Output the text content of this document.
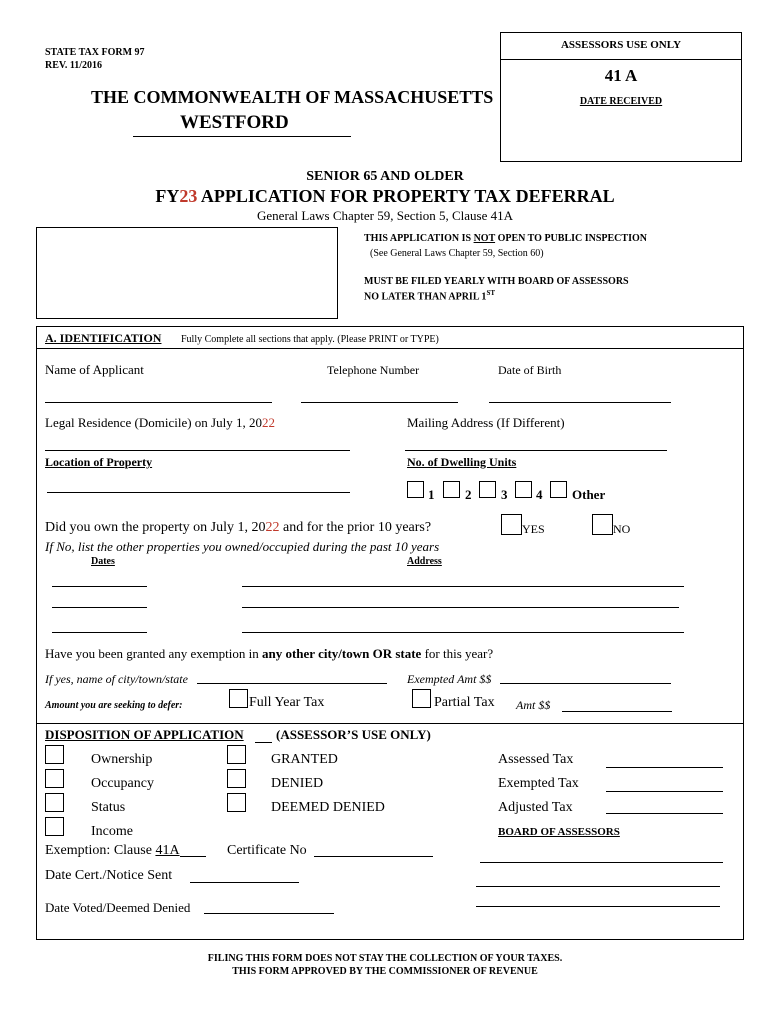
STATE TAX FORM 97
REV. 11/2016
THE COMMONWEALTH OF MASSACHUSETTS
WESTFORD
ASSESSORS USE ONLY
41 A
DATE RECEIVED
SENIOR 65 AND OLDER
FY23 APPLICATION FOR PROPERTY TAX DEFERRAL
General Laws Chapter 59, Section 5, Clause 41A
THIS APPLICATION IS NOT OPEN TO PUBLIC INSPECTION
(See General Laws Chapter 59, Section 60)
MUST BE FILED YEARLY WITH BOARD OF ASSESSORS
NO LATER THAN APRIL 1ST
A. IDENTIFICATION Fully Complete all sections that apply. (Please PRINT or TYPE)
Name of Applicant	Telephone Number	Date of Birth
Legal Residence (Domicile) on July 1, 2022	Mailing Address (If Different)
Location of Property	No. of Dwelling Units
1 2 3 4 Other
Did you own the property on July 1, 2022 and for the prior 10 years?	YES	NO
If No, list the other properties you owned/occupied during the past 10 years
Dates	Address
Have you been granted any exemption in any other city/town OR state for this year?
If yes, name of city/town/state	Exempted Amt $$
Amount you are seeking to defer:	Full Year Tax	Partial Tax Amt $$
DISPOSITION OF APPLICATION (ASSESSOR’S USE ONLY)
Ownership
Occupancy
Status
Income
GRANTED
DENIED
DEEMED DENIED
Assessed Tax
Exempted Tax
Adjusted Tax
BOARD OF ASSESSORS
Exemption: Clause 41A	Certificate No
Date Cert./Notice Sent
Date Voted/Deemed Denied
FILING THIS FORM DOES NOT STAY THE COLLECTION OF YOUR TAXES.
THIS FORM APPROVED BY THE COMMISSIONER OF REVENUE
